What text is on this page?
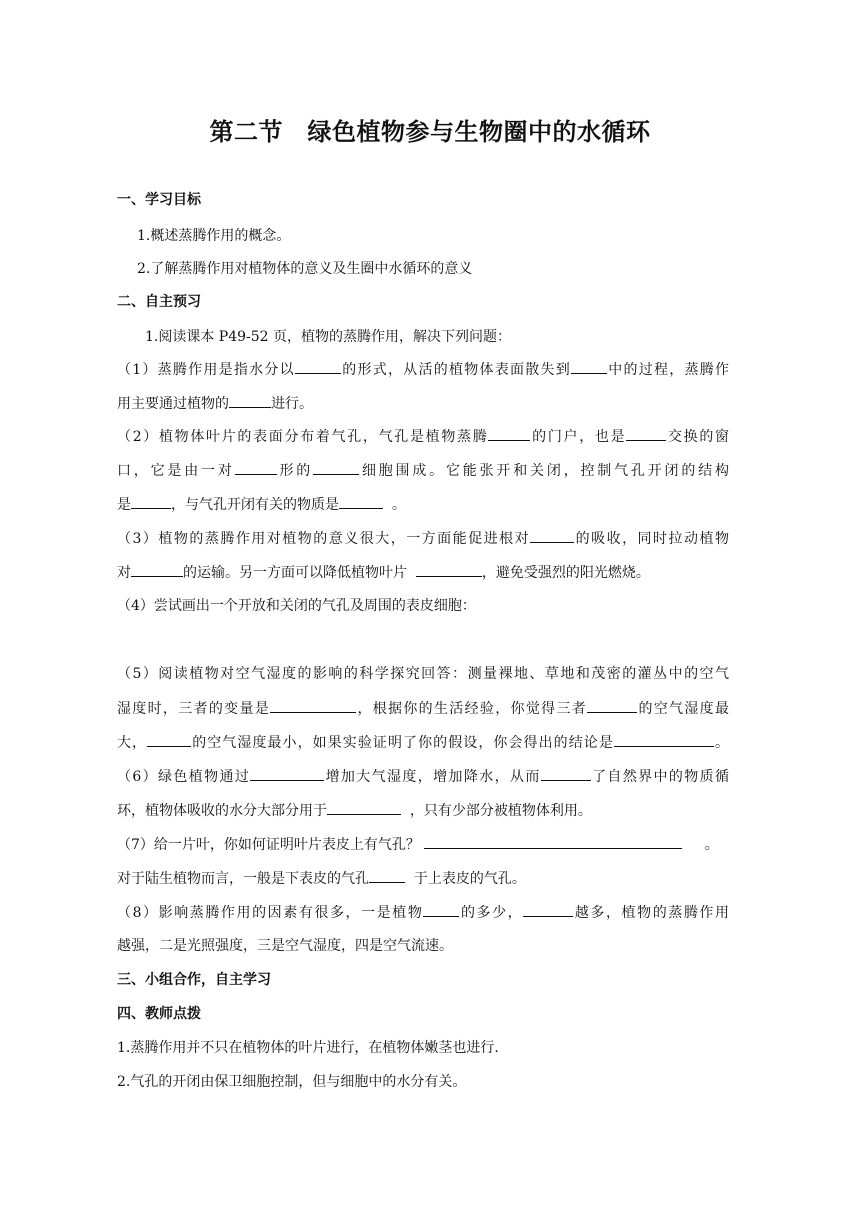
第二节　绿色植物参与生物圈中的水循环
一、学习目标
1.概述蒸腾作用的概念。
2.了解蒸腾作用对植物体的意义及生圈中水循环的意义
二、自主预习
1.阅读课本 P49-52 页，植物的蒸腾作用，解决下列问题：
（1）蒸腾作用是指水分以	的形式，从活的植物体表面散失到	中的过程，蒸腾作
用主要通过植物的	进行。
（2）植物体叶片的表面分布着气孔，气孔是植物蒸腾	的门户，也是	交换的窗
口，它是由一对	形的	细胞围成。它能张开和关闭，控制气孔开闭的结构
是	，与气孔开闭有关的物质是	。
（3）植物的蒸腾作用对植物的意义很大，一方面能促进根对	的吸收，同时拉动植物
对	的运输。另一方面可以降低植物叶片	，避免受强烈的阳光燃烧。
（4）尝试画出一个开放和关闭的气孔及周围的表皮细胞：
（5）阅读植物对空气湿度的影响的科学探究回答：测量裸地、草地和茂密的灌丛中的空气
湿度时，三者的变量是	，根据你的生活经验，你觉得三者	的空气湿度最
大，	的空气湿度最小，如果实验证明了你的假设，你会得出的结论是	。
（6）绿色植物通过	增加大气湿度，增加降水，从而	了自然界中的物质循
环，植物体吸收的水分大部分用于	，只有少部分被植物体利用。
（7）给一片叶，你如何证明叶片表皮上有气孔？	。
对于陆生植物而言，一般是下表皮的气孔	于上表皮的气孔。
（8）影响蒸腾作用的因素有很多，一是植物	的多少，	越多，植物的蒸腾作用
越强，二是光照强度，三是空气湿度，四是空气流速。
三、小组合作，自主学习
四、教师点拨
1.蒸腾作用并不只在植物体的叶片进行，在植物体嫩茎也进行.
2.气孔的开闭由保卫细胞控制，但与细胞中的水分有关。
